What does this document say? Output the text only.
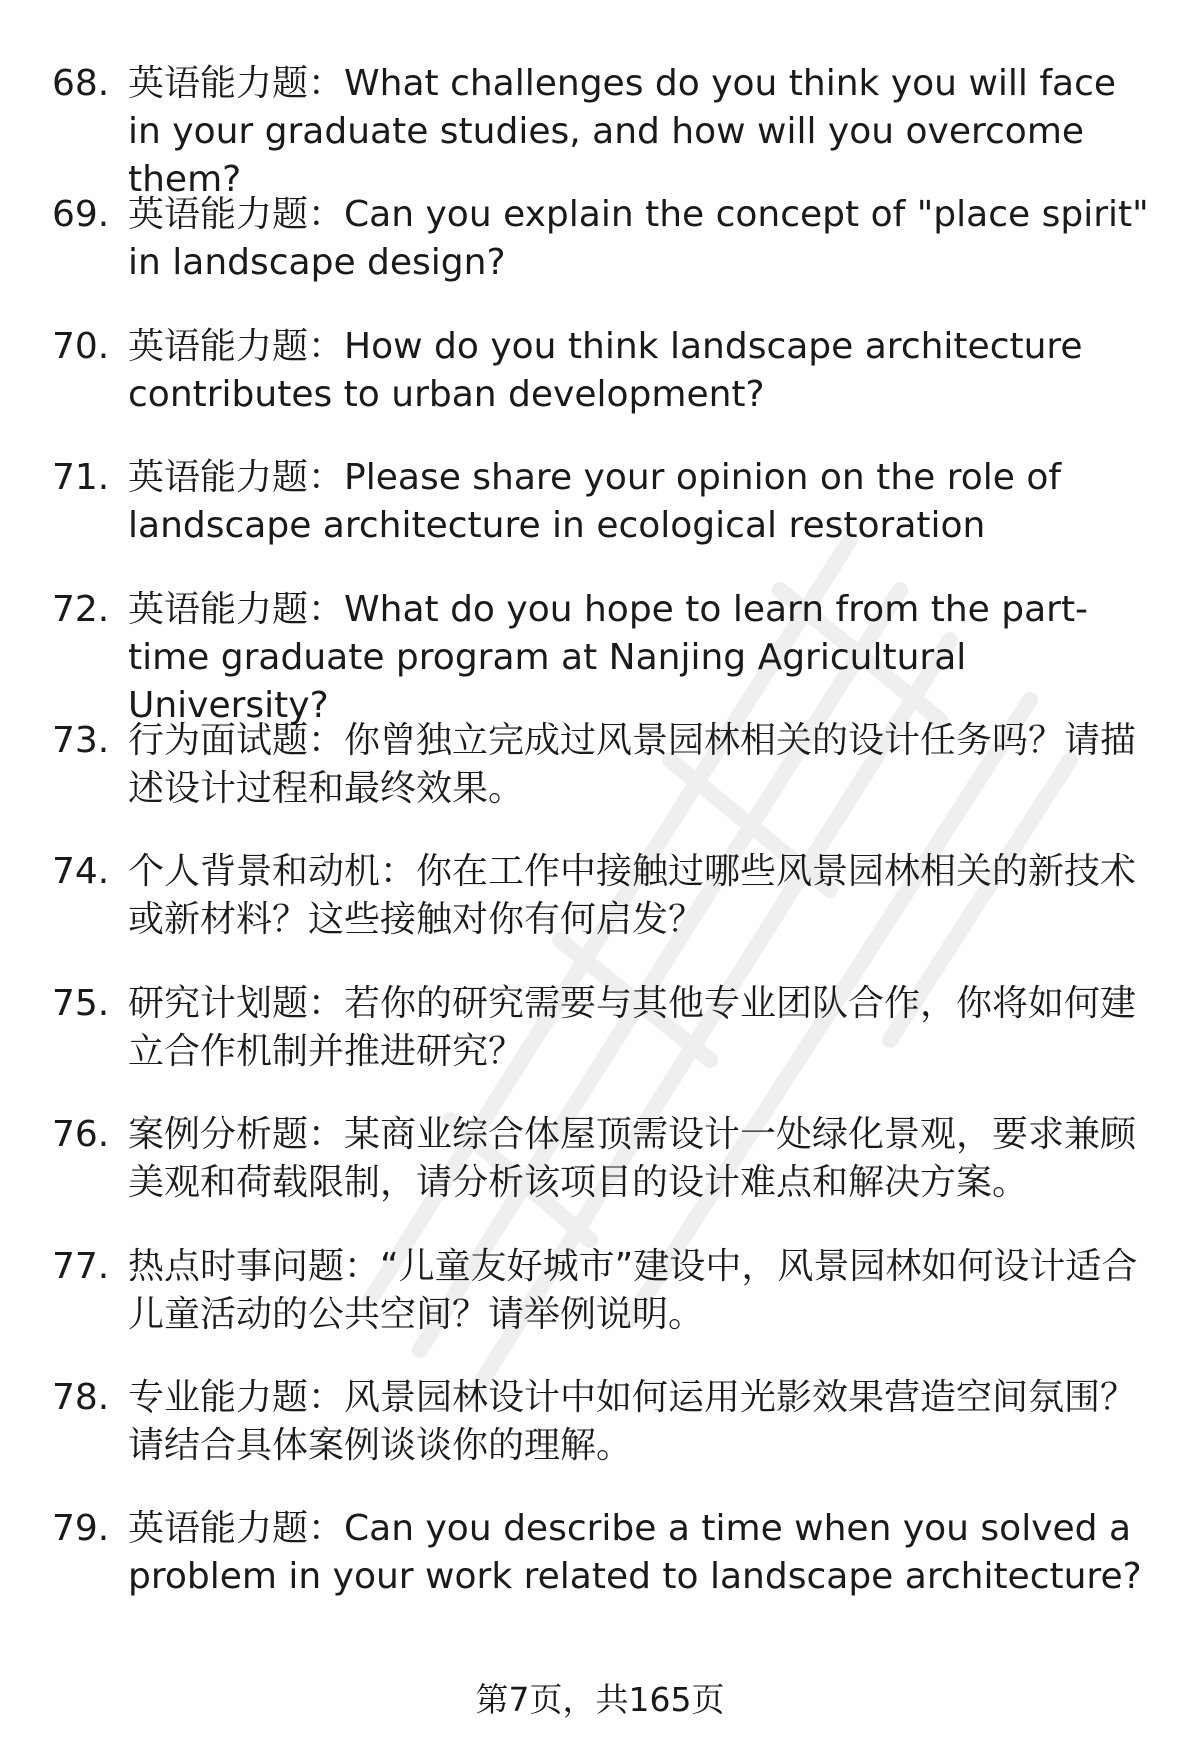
68. 英语能力题 ： What challenges do you think you will face in your graduate studies, and how will you overcome them?
69. 英语能力题 ： Can you explain the concept of "place spirit" in landscape design?
70. 英语能力题 ： How do you think landscape architecture contributes to urban development?
71. 英语能力题 ： Please share your opinion on the role of landscape architecture in ecological restoration
72. 英语能力题 ： What do you hope to learn from the part-time graduate program at Nanjing Agricultural University?
73. 行为面试题 ： 你曾独立完成过风景园林相关的设计任务吗？请描述设计过程和最终效果。
74. 个人背景和动机 ： 你在工作中接触过哪些风景园林相关的新技术或新材料？这些接触对你有何启发？
75. 研究计划题 ： 若你的研究需要与其他专业团队合作，你将如何建立合作机制并推进研究？
76. 案例分析题 ： 某商业综合体屋顶需设计一处绿化景观，要求兼顾美观和荷载限制，请分析该项目的设计难点和解决方案。
77. 热点时事问题 ： “儿童友好城市”建设中，风景园林如何设计适合儿童活动的公共空间？请举例说明。
78. 专业能力题 ： 风景园林设计中如何运用光影效果营造空间氛围？请结合具体案例谈谈你的理解。
79. 英语能力题 ： Can you describe a time when you solved a problem in your work related to landscape architecture?
第7页，共165页
